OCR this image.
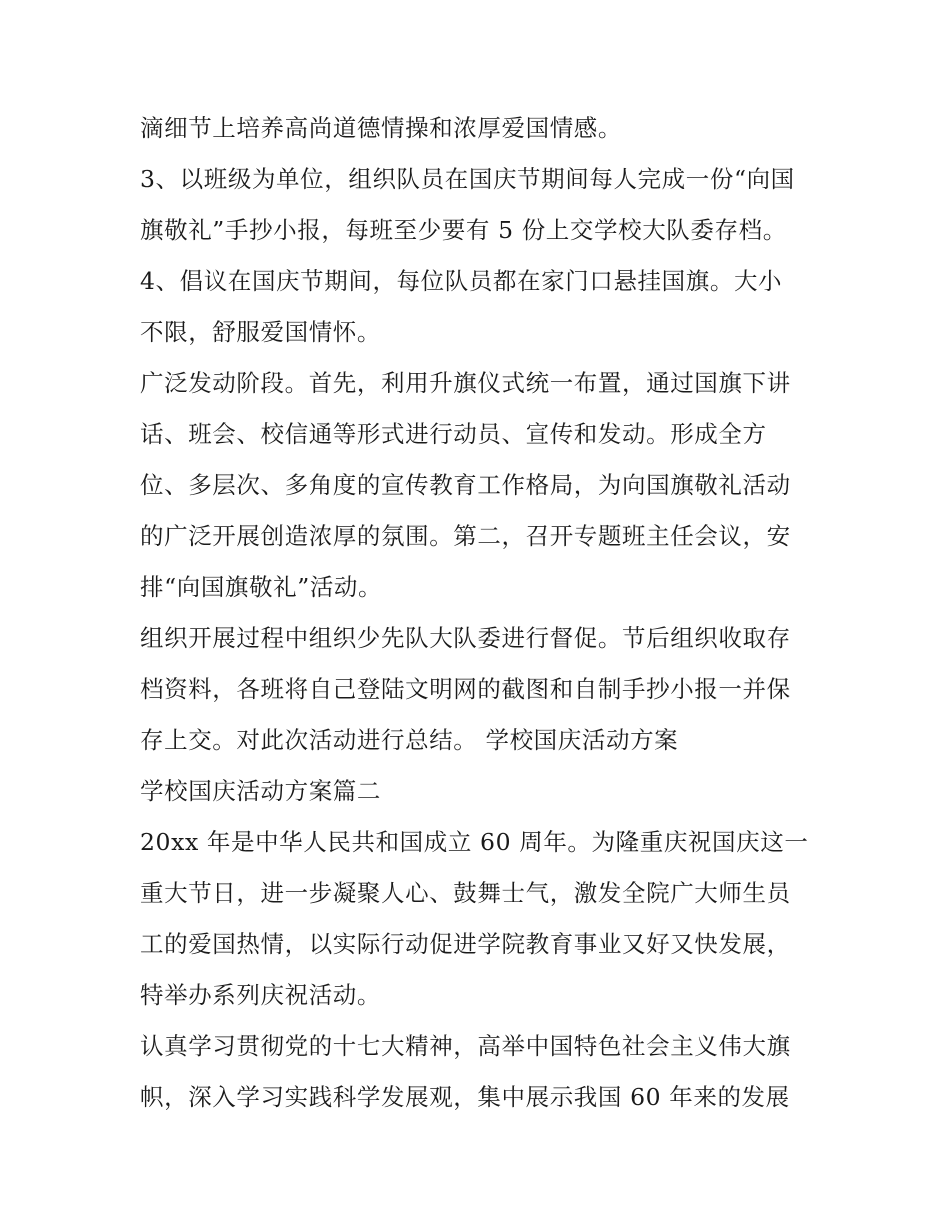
滴细节上培养高尚道德情操和浓厚爱国情感。
3、以班级为单位，组织队员在国庆节期间每人完成一份“向国
旗敬礼”手抄小报，每班至少要有 5 份上交学校大队委存档。
4、倡议在国庆节期间，每位队员都在家门口悬挂国旗。大小
不限，舒服爱国情怀。
广泛发动阶段。首先，利用升旗仪式统一布置，通过国旗下讲
话、班会、校信通等形式进行动员、宣传和发动。形成全方
位、多层次、多角度的宣传教育工作格局，为向国旗敬礼活动
的广泛开展创造浓厚的氛围。第二，召开专题班主任会议，安
排“向国旗敬礼”活动。
组织开展过程中组织少先队大队委进行督促。节后组织收取存
档资料，各班将自己登陆文明网的截图和自制手抄小报一并保
存上交。对此次活动进行总结。 学校国庆活动方案
学校国庆活动方案篇二
20xx 年是中华人民共和国成立 60 周年。为隆重庆祝国庆这一
重大节日，进一步凝聚人心、鼓舞士气，激发全院广大师生员
工的爱国热情，以实际行动促进学院教育事业又好又快发展，
特举办系列庆祝活动。
认真学习贯彻党的十七大精神，高举中国特色社会主义伟大旗
帜，深入学习实践科学发展观，集中展示我国 60 年来的发展
